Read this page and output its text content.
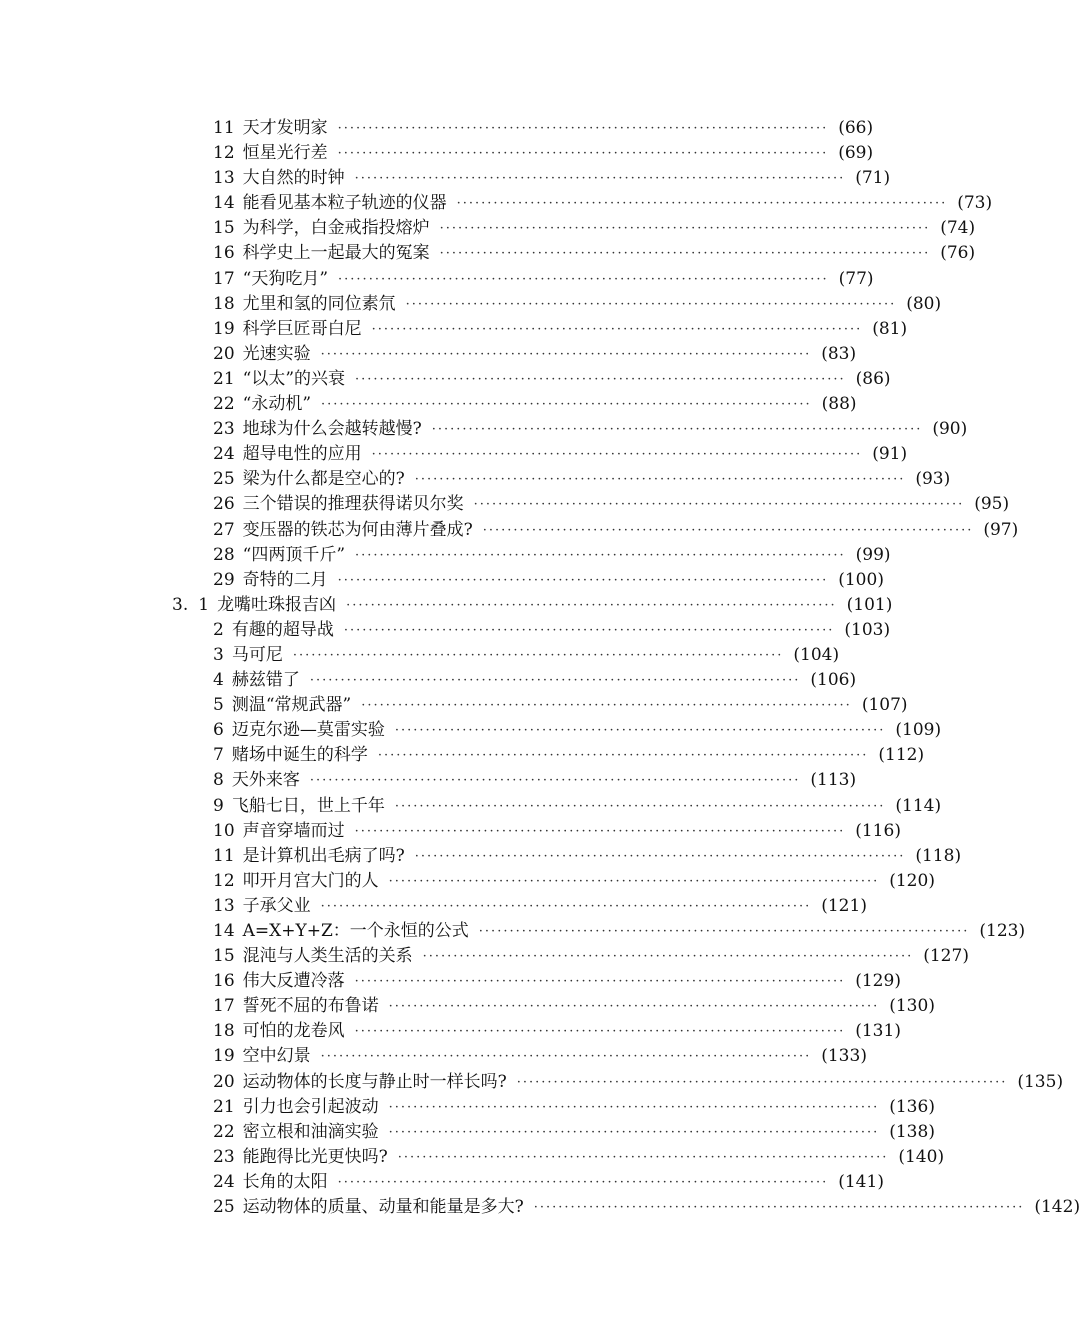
11 天才发明家 ················································································ (66)
12 恒星光行差 ················································································ (69)
13 大自然的时钟 ················································································ (71)
14 能看见基本粒子轨迹的仪器 ················································································ (73)
15 为科学，白金戒指投熔炉 ················································································ (74)
16 科学史上一起最大的冤案 ················································································ (76)
17 “天狗吃月” ················································································ (77)
18 尤里和氢的同位素氘 ················································································ (80)
19 科学巨匠哥白尼 ················································································ (81)
20 光速实验 ················································································ (83)
21 “以太”的兴衰 ················································································ (86)
22 “永动机” ················································································ (88)
23 地球为什么会越转越慢? ················································································ (90)
24 超导电性的应用 ················································································ (91)
25 梁为什么都是空心的? ················································································ (93)
26 三个错误的推理获得诺贝尔奖 ················································································ (95)
27 变压器的铁芯为何由薄片叠成? ················································································ (97)
28 “四两顶千斤” ················································································ (99)
29 奇特的二月 ················································································ (100)
3. 1 龙嘴吐珠报吉凶 ················································································ (101)
2 有趣的超导战 ················································································ (103)
3 马可尼 ················································································ (104)
4 赫兹错了 ················································································ (106)
5 测温“常规武器” ················································································ (107)
6 迈克尔逊—莫雷实验 ················································································ (109)
7 赌场中诞生的科学 ················································································ (112)
8 天外来客 ················································································ (113)
9 飞船七日，世上千年 ················································································ (114)
10 声音穿墙而过 ················································································ (116)
11 是计算机出毛病了吗? ················································································ (118)
12 叩开月宫大门的人 ················································································ (120)
13 子承父业 ················································································ (121)
14 A=X+Y+Z：一个永恒的公式 ················································································ (123)
15 混沌与人类生活的关系 ················································································ (127)
16 伟大反遭冷落 ················································································ (129)
17 誓死不屈的布鲁诺 ················································································ (130)
18 可怕的龙卷风 ················································································ (131)
19 空中幻景 ················································································ (133)
20 运动物体的长度与静止时一样长吗? ················································································ (135)
21 引力也会引起波动 ················································································ (136)
22 密立根和油滴实验 ················································································ (138)
23 能跑得比光更快吗? ················································································ (140)
24 长角的太阳 ················································································ (141)
25 运动物体的质量、动量和能量是多大? ················································································ (142)
